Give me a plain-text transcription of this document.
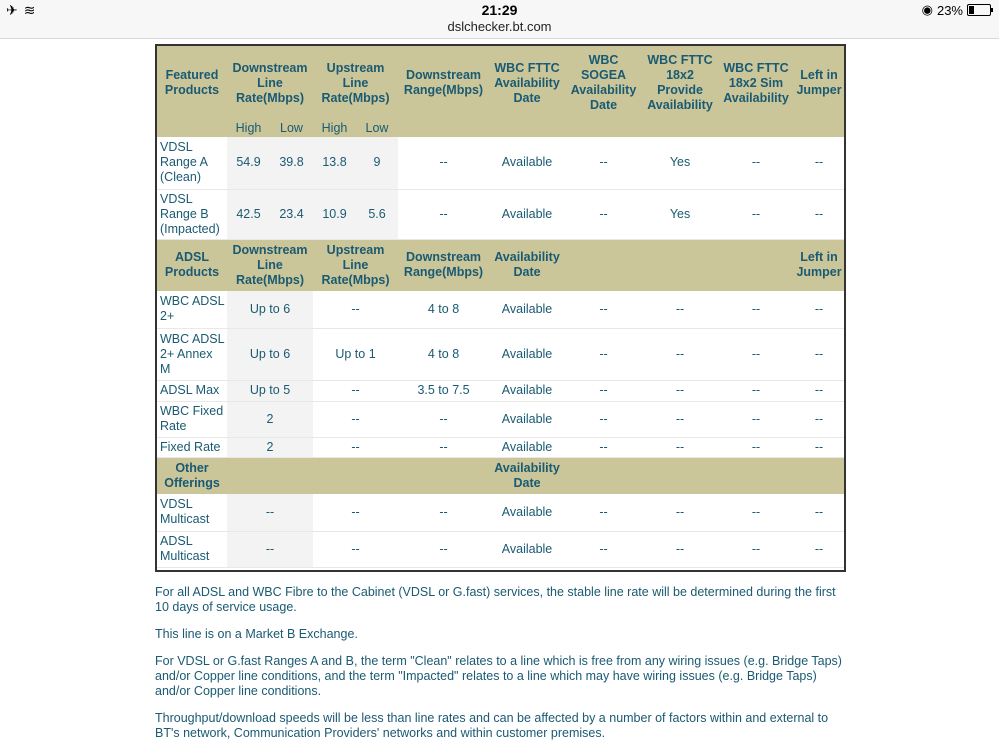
✈ ≋	21:29
dslchecker.bt.com
◉ 23%
Featured Products	Downstream Line Rate(Mbps)		Upstream Line Rate(Mbps)		Downstream Range(Mbps)	WBC FTTC Availability Date	WBC SOGEA Availability Date	WBC FTTC 18x2 Provide Availability	WBC FTTC 18x2 Sim Availability	Left in Jumper
	High	Low	High	Low						
VDSL Range A (Clean)	54.9	39.8	13.8	9	--	Available	--	Yes	--	--
VDSL Range B (Impacted)	42.5	23.4	10.9	5.6	--	Available	--	Yes	--	--
ADSL Products	Downstream Line Rate(Mbps)		Upstream Line Rate(Mbps)		Downstream Range(Mbps)	Availability Date				Left in Jumper
WBC ADSL 2+	Up to 6		--		4 to 8	Available	--	--	--	--
WBC ADSL 2+ Annex M	Up to 6		Up to 1		4 to 8	Available	--	--	--	--
ADSL Max	Up to 5		--		3.5 to 7.5	Available	--	--	--	--
WBC Fixed Rate	2		--		--	Available	--	--	--	--
Fixed Rate	2		--		--	Available	--	--	--	--
Other Offerings						Availability Date				
VDSL Multicast	--		--		--	Available	--	--	--	--
ADSL Multicast	--		--		--	Available	--	--	--	--

For all ADSL and WBC Fibre to the Cabinet (VDSL or G.fast) services, the stable line rate will be determined during the first 10 days of service usage.

This line is on a Market B Exchange.

For VDSL or G.fast Ranges A and B, the term "Clean" relates to a line which is free from any wiring issues (e.g. Bridge Taps) and/or Copper line conditions, and the term "Impacted" relates to a line which may have wiring issues (e.g. Bridge Taps) and/or Copper line conditions.

Throughput/download speeds will be less than line rates and can be affected by a number of factors within and external to BT's network, Communication Providers' networks and within customer premises.
